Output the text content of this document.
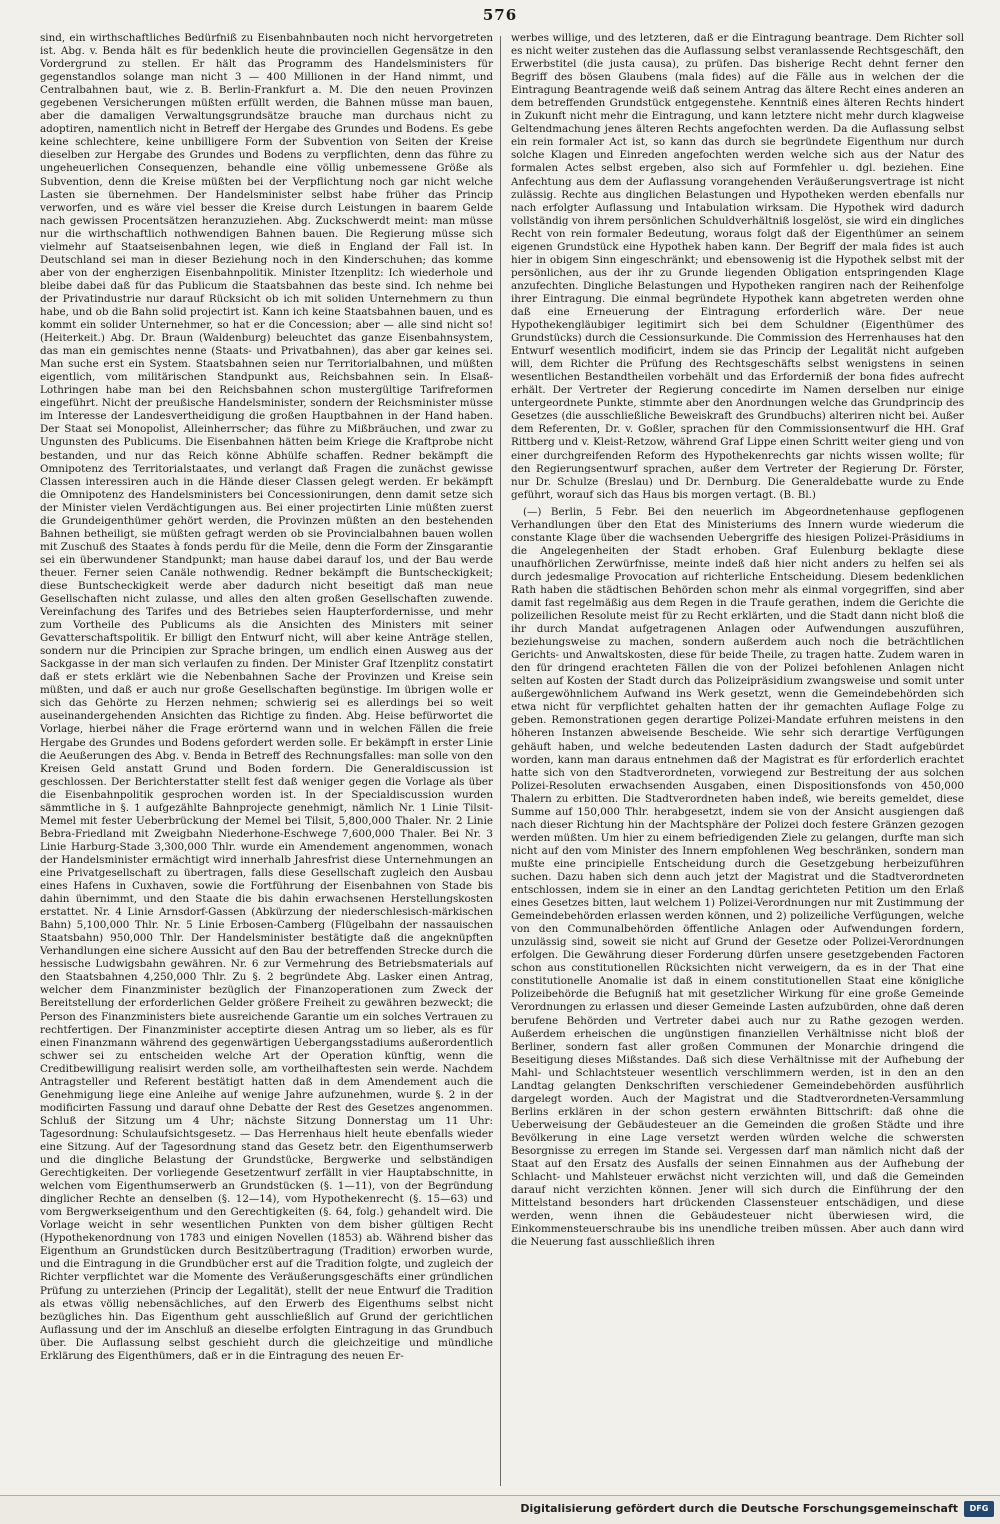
576

sind, ein wirthschaftliches Bedürfniß zu Eisenbahnbauten noch nicht hervorgetreten ist. Abg. v. Benda hält es für bedenklich heute die provinciellen Gegensätze in den Vordergrund zu stellen. Er hält das Programm des Handelsministers für gegenstandlos solange man nicht 3 — 400 Millionen in der Hand nimmt, und Centralbahnen baut, wie z. B. Berlin-Frankfurt a. M. Die den neuen Provinzen gegebenen Versicherungen müßten erfüllt werden, die Bahnen müsse man bauen, aber die damaligen Verwaltungsgrundsätze brauche man durchaus nicht zu adoptiren, namentlich nicht in Betreff der Hergabe des Grundes und Bodens. Es gebe keine schlechtere, keine unbilligere Form der Subvention von Seiten der Kreise dieselben zur Hergabe des Grundes und Bodens zu verpflichten, denn das führe zu ungeheuerlichen Consequenzen, behandle eine völlig unbemessene Größe als Subvention, denn die Kreise müßten bei der Verpflichtung noch gar nicht welche Lasten sie übernehmen. Der Handelsminister selbst habe früher das Princip verworfen, und es wäre viel besser die Kreise durch Leistungen in baarem Gelde nach gewissen Procentsätzen heranzuziehen. Abg. Zuckschwerdt meint: man müsse nur die wirthschaftlich nothwendigen Bahnen bauen. Die Regierung müsse sich vielmehr auf Staatseisenbahnen legen, wie dieß in England der Fall ist. In Deutschland sei man in dieser Beziehung noch in den Kinderschuhen; das komme aber von der engherzigen Eisenbahnpolitik. Minister Itzenplitz: Ich wiederhole und bleibe dabei daß für das Publicum die Staatsbahnen das beste sind. Ich nehme bei der Privatindustrie nur darauf Rücksicht ob ich mit soliden Unternehmern zu thun habe, und ob die Bahn solid projectirt ist. Kann ich keine Staatsbahnen bauen, und es kommt ein solider Unternehmer, so hat er die Concession; aber — alle sind nicht so! (Heiterkeit.) Abg. Dr. Braun (Waldenburg) beleuchtet das ganze Eisenbahnsystem, das man ein gemischtes nenne (Staats- und Privatbahnen), das aber gar keines sei. Man suche erst ein System. Staatsbahnen seien nur Territorialbahnen, und müßten eigentlich, vom militärischen Standpunkt aus, Reichsbahnen sein. In Elsaß-Lothringen habe man bei den Reichsbahnen schon mustergültige Tarifreformen eingeführt. Nicht der preußische Handelsminister, sondern der Reichsminister müsse im Interesse der Landesvertheidigung die großen Hauptbahnen in der Hand haben. Der Staat sei Monopolist, Alleinherrscher; das führe zu Mißbräuchen, und zwar zu Ungunsten des Publicums. Die Eisenbahnen hätten beim Kriege die Kraftprobe nicht bestanden, und nur das Reich könne Abhülfe schaffen. Redner bekämpft die Omnipotenz des Territorialstaates, und verlangt daß Fragen die zunächst gewisse Classen interessiren auch in die Hände dieser Classen gelegt werden. Er bekämpft die Omnipotenz des Handelsministers bei Concessionirungen, denn damit setze sich der Minister vielen Verdächtigungen aus. Bei einer projectirten Linie müßten zuerst die Grundeigenthümer gehört werden, die Provinzen müßten an den bestehenden Bahnen betheiligt, sie müßten gefragt werden ob sie Provincialbahnen bauen wollen mit Zuschuß des Staates à fonds perdu für die Meile, denn die Form der Zinsgarantie sei ein überwundener Standpunkt; man hause dabei darauf los, und der Bau werde theuer. Ferner seien Canäle nothwendig. Redner bekämpft die Buntscheckigkeit; diese Buntscheckigkeit werde aber dadurch nicht beseitigt daß man neue Gesellschaften nicht zulasse, und alles den alten großen Gesellschaften zuwende. Vereinfachung des Tarifes und des Betriebes seien Haupterfordernisse, und mehr zum Vortheile des Publicums als die Ansichten des Ministers mit seiner Gevatterschaftspolitik. Er billigt den Entwurf nicht, will aber keine Anträge stellen, sondern nur die Principien zur Sprache bringen, um endlich einen Ausweg aus der Sackgasse in der man sich verlaufen zu finden. Der Minister Graf Itzenplitz constatirt daß er stets erklärt wie die Nebenbahnen Sache der Provinzen und Kreise sein müßten, und daß er auch nur große Gesellschaften begünstige. Im übrigen wolle er sich das Gehörte zu Herzen nehmen; schwierig sei es allerdings bei so weit auseinandergehenden Ansichten das Richtige zu finden. Abg. Heise befürwortet die Vorlage, hierbei näher die Frage erörternd wann und in welchen Fällen die freie Hergabe des Grundes und Bodens gefordert werden solle. Er bekämpft in erster Linie die Aeußerungen des Abg. v. Benda in Betreff des Rechnungsfalles: man solle von den Kreisen Geld anstatt Grund und Boden fordern. Die Generaldiscussion ist geschlossen. Der Berichterstatter stellt fest daß weniger gegen die Vorlage als über die Eisenbahnpolitik gesprochen worden ist. In der Specialdiscussion wurden sämmtliche in §. 1 aufgezählte Bahnprojecte genehmigt, nämlich Nr. 1 Linie Tilsit-Memel mit fester Ueberbrückung der Memel bei Tilsit, 5,800,000 Thaler. Nr. 2 Linie Bebra-Friedland mit Zweigbahn Niederhone-Eschwege 7,600,000 Thaler. Bei Nr. 3 Linie Harburg-Stade 3,300,000 Thlr. wurde ein Amendement angenommen, wonach der Handelsminister ermächtigt wird innerhalb Jahresfrist diese Unternehmungen an eine Privatgesellschaft zu übertragen, falls diese Gesellschaft zugleich den Ausbau eines Hafens in Cuxhaven, sowie die Fortführung der Eisenbahnen von Stade bis dahin übernimmt, und den Staate die bis dahin erwachsenen Herstellungskosten erstattet. Nr. 4 Linie Arnsdorf-Gassen (Abkürzung der niederschlesisch-märkischen Bahn) 5,100,000 Thlr. Nr. 5 Linie Erbosen-Camberg (Flügelbahn der nassauischen Staatsbahn) 950,000 Thlr. Der Handelsminister bestätigte daß die angeknüpften Verhandlungen eine sichere Aussicht auf den Bau der betreffenden Strecke durch die hessische Ludwigsbahn gewähren. Nr. 6 zur Vermehrung des Betriebsmaterials auf den Staatsbahnen 4,250,000 Thlr. Zu §. 2 begründete Abg. Lasker einen Antrag, welcher dem Finanzminister bezüglich der Finanzoperationen zum Zweck der Bereitstellung der erforderlichen Gelder größere Freiheit zu gewähren bezweckt; die Person des Finanzministers biete ausreichende Garantie um ein solches Vertrauen zu rechtfertigen. Der Finanzminister acceptirte diesen Antrag um so lieber, als es für einen Finanzmann während des gegenwärtigen Uebergangsstadiums außerordentlich schwer sei zu entscheiden welche Art der Operation künftig, wenn die Creditbewilligung realisirt werden solle, am vortheilhaftesten sein werde. Nachdem Antragsteller und Referent bestätigt hatten daß in dem Amendement auch die Genehmigung liege eine Anleihe auf wenige Jahre aufzunehmen, wurde §. 2 in der modificirten Fassung und darauf ohne Debatte der Rest des Gesetzes angenommen. Schluß der Sitzung um 4 Uhr; nächste Sitzung Donnerstag um 11 Uhr: Tagesordnung: Schulaufsichtsgesetz. — Das Herrenhaus hielt heute ebenfalls wieder eine Sitzung. Auf der Tagesordnung stand das Gesetz betr. den Eigenthumserwerb und die dingliche Belastung der Grundstücke, Bergwerke und selbständigen Gerechtigkeiten. Der vorliegende Gesetzentwurf zerfällt in vier Hauptabschnitte, in welchen vom Eigenthumserwerb an Grundstücken (§. 1—11), von der Begründung dinglicher Rechte an denselben (§. 12—14), vom Hypothekenrecht (§. 15—63) und vom Bergwerkseigenthum und den Gerechtigkeiten (§. 64, folg.) gehandelt wird. Die Vorlage weicht in sehr wesentlichen Punkten von dem bisher gültigen Recht (Hypothekenordnung von 1783 und einigen Novellen (1853) ab. Während bisher das Eigenthum an Grundstücken durch Besitzübertragung (Tradition) erworben wurde, und die Eintragung in die Grundbücher erst auf die Tradition folgte, und zugleich der Richter verpflichtet war die Momente des Veräußerungsgeschäfts einer gründlichen Prüfung zu unterziehen (Princip der Legalität), stellt der neue Entwurf die Tradition als etwas völlig nebensächliches, auf den Erwerb des Eigenthums selbst nicht bezügliches hin. Das Eigenthum geht ausschließlich auf Grund der gerichtlichen Auflassung und der im Anschluß an dieselbe erfolgten Eintragung in das Grundbuch über. Die Auflassung selbst geschieht durch die gleichzeitige und mündliche Erklärung des Eigenthümers, daß er in die Eintragung des neuen Er-

werbes willige, und des letzteren, daß er die Eintragung beantrage. Dem Richter soll es nicht weiter zustehen das die Auflassung selbst veranlassende Rechtsgeschäft, den Erwerbstitel (die justa causa), zu prüfen. Das bisherige Recht dehnt ferner den Begriff des bösen Glaubens (mala fides) auf die Fälle aus in welchen der die Eintragung Beantragende weiß daß seinem Antrag das ältere Recht eines anderen an dem betreffenden Grundstück entgegenstehe. Kenntniß eines älteren Rechts hindert in Zukunft nicht mehr die Eintragung, und kann letztere nicht mehr durch klagweise Geltendmachung jenes älteren Rechts angefochten werden. Da die Auflassung selbst ein rein formaler Act ist, so kann das durch sie begründete Eigenthum nur durch solche Klagen und Einreden angefochten werden welche sich aus der Natur des formalen Actes selbst ergeben, also sich auf Formfehler u. dgl. beziehen. Eine Anfechtung aus dem der Auflassung vorangehenden Veräußerungsvertrage ist nicht zulässig. Rechte aus dinglichen Belastungen und Hypotheken werden ebenfalls nur nach erfolgter Auflassung und Intabulation wirksam. Die Hypothek wird dadurch vollständig von ihrem persönlichen Schuldverhältniß losgelöst, sie wird ein dingliches Recht von rein formaler Bedeutung, woraus folgt daß der Eigenthümer an seinem eigenen Grundstück eine Hypothek haben kann. Der Begriff der mala fides ist auch hier in obigem Sinn eingeschränkt; und ebensowenig ist die Hypothek selbst mit der persönlichen, aus der ihr zu Grunde liegenden Obligation entspringenden Klage anzufechten. Dingliche Belastungen und Hypotheken rangiren nach der Reihenfolge ihrer Eintragung. Die einmal begründete Hypothek kann abgetreten werden ohne daß eine Erneuerung der Eintragung erforderlich wäre. Der neue Hypothekengläubiger legitimirt sich bei dem Schuldner (Eigenthümer des Grundstücks) durch die Cessionsurkunde. Die Commission des Herrenhauses hat den Entwurf wesentlich modificirt, indem sie das Princip der Legalität nicht aufgeben will, dem Richter die Prüfung des Rechtsgeschäfts selbst wenigstens in seinen wesentlichen Bestandtheilen vorbehält und das Erforderniß der bona fides aufrecht erhält. Der Vertreter der Regierung concedirte im Namen derselben nur einige untergeordnete Punkte, stimmte aber den Anordnungen welche das Grundprincip des Gesetzes (die ausschließliche Beweiskraft des Grundbuchs) alteriren nicht bei. Außer dem Referenten, Dr. v. Goßler, sprachen für den Commissionsentwurf die HH. Graf Rittberg und v. Kleist-Retzow, während Graf Lippe einen Schritt weiter gieng und von einer durchgreifenden Reform des Hypothekenrechts gar nichts wissen wollte; für den Regierungsentwurf sprachen, außer dem Vertreter der Regierung Dr. Förster, nur Dr. Schulze (Breslau) und Dr. Dernburg. Die Generaldebatte wurde zu Ende geführt, worauf sich das Haus bis morgen vertagt. (B. Bl.)

(—) Berlin, 5 Febr. Bei den neuerlich im Abgeordnetenhause gepflogenen Verhandlungen über den Etat des Ministeriums des Innern wurde wiederum die constante Klage über die wachsenden Uebergriffe des hiesigen Polizei-Präsidiums in die Angelegenheiten der Stadt erhoben. Graf Eulenburg beklagte diese unaufhörlichen Zerwürfnisse, meinte indeß daß hier nicht anders zu helfen sei als durch jedesmalige Provocation auf richterliche Entscheidung. Diesem bedenklichen Rath haben die städtischen Behörden schon mehr als einmal vorgegriffen, sind aber damit fast regelmäßig aus dem Regen in die Traufe gerathen, indem die Gerichte die polizeilichen Resolute meist für zu Recht erklärten, und die Stadt dann nicht bloß die ihr durch Mandat aufgetragenen Anlagen oder Aufwendungen auszuführen, beziehungsweise zu machen, sondern außerdem auch noch die beträchtlichen Gerichts- und Anwaltskosten, diese für beide Theile, zu tragen hatte. Zudem waren in den für dringend erachteten Fällen die von der Polizei befohlenen Anlagen nicht selten auf Kosten der Stadt durch das Polizeipräsidium zwangsweise und somit unter außergewöhnlichem Aufwand ins Werk gesetzt, wenn die Gemeindebehörden sich etwa nicht für verpflichtet gehalten hatten der ihr gemachten Auflage Folge zu geben. Remonstrationen gegen derartige Polizei-Mandate erfuhren meistens in den höheren Instanzen abweisende Bescheide. Wie sehr sich derartige Verfügungen gehäuft haben, und welche bedeutenden Lasten dadurch der Stadt aufgebürdet worden, kann man daraus entnehmen daß der Magistrat es für erforderlich erachtet hatte sich von den Stadtverordneten, vorwiegend zur Bestreitung der aus solchen Polizei-Resoluten erwachsenden Ausgaben, einen Dispositionsfonds von 450,000 Thalern zu erbitten. Die Stadtverordneten haben indeß, wie bereits gemeldet, diese Summe auf 150,000 Thlr. herabgesetzt, indem sie von der Ansicht ausgiengen daß nach dieser Richtung hin der Machtsphäre der Polizei doch festere Gränzen gezogen werden müßten. Um hier zu einem befriedigenden Ziele zu gelangen, durfte man sich nicht auf den vom Minister des Innern empfohlenen Weg beschränken, sondern man mußte eine principielle Entscheidung durch die Gesetzgebung herbeizuführen suchen. Dazu haben sich denn auch jetzt der Magistrat und die Stadtverordneten entschlossen, indem sie in einer an den Landtag gerichteten Petition um den Erlaß eines Gesetzes bitten, laut welchem 1) Polizei-Verordnungen nur mit Zustimmung der Gemeindebehörden erlassen werden können, und 2) polizeiliche Verfügungen, welche von den Communalbehörden öffentliche Anlagen oder Aufwendungen fordern, unzulässig sind, soweit sie nicht auf Grund der Gesetze oder Polizei-Verordnungen erfolgen. Die Gewährung dieser Forderung dürfen unsere gesetzgebenden Factoren schon aus constitutionellen Rücksichten nicht verweigern, da es in der That eine constitutionelle Anomalie ist daß in einem constitutionellen Staat eine königliche Polizeibehörde die Befugniß hat mit gesetzlicher Wirkung für eine große Gemeinde Verordnungen zu erlassen und dieser Gemeinde Lasten aufzubürden, ohne daß deren berufene Behörden und Vertreter dabei auch nur zu Rathe gezogen werden. Außerdem erheischen die ungünstigen finanziellen Verhältnisse nicht bloß der Berliner, sondern fast aller großen Communen der Monarchie dringend die Beseitigung dieses Mißstandes. Daß sich diese Verhältnisse mit der Aufhebung der Mahl- und Schlachtsteuer wesentlich verschlimmern werden, ist in den an den Landtag gelangten Denkschriften verschiedener Gemeindebehörden ausführlich dargelegt worden. Auch der Magistrat und die Stadtverordneten-Versammlung Berlins erklären in der schon gestern erwähnten Bittschrift: daß ohne die Ueberweisung der Gebäudesteuer an die Gemeinden die großen Städte und ihre Bevölkerung in eine Lage versetzt werden würden welche die schwersten Besorgnisse zu erregen im Stande sei. Vergessen darf man nämlich nicht daß der Staat auf den Ersatz des Ausfalls der seinen Einnahmen aus der Aufhebung der Schlacht- und Mahlsteuer erwächst nicht verzichten will, und daß die Gemeinden darauf nicht verzichten können. Jener will sich durch die Einführung der den Mittelstand besonders hart drückenden Classensteuer entschädigen, und diese werden, wenn ihnen die Gebäudesteuer nicht überwiesen wird, die Einkommensteuerschraube bis ins unendliche treiben müssen. Aber auch dann wird die Neuerung fast ausschließlich ihren

Digitalisierung gefördert durch die Deutsche Forschungsgemeinschaft	DFG
